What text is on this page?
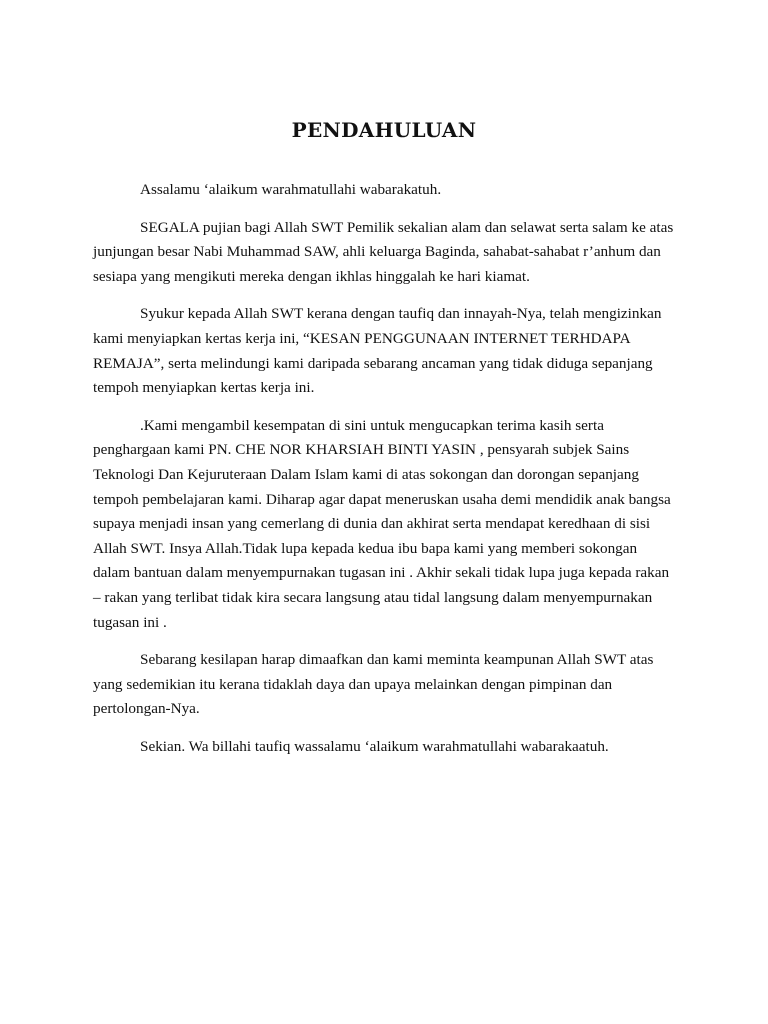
PENDAHULUAN

Assalamu ‘alaikum warahmatullahi wabarakatuh.

SEGALA pujian bagi Allah SWT Pemilik sekalian alam dan selawat serta salam ke atas junjungan besar Nabi Muhammad SAW, ahli keluarga Baginda, sahabat-sahabat r’anhum dan sesiapa yang mengikuti mereka dengan ikhlas hinggalah ke hari kiamat.

Syukur kepada Allah SWT kerana dengan taufiq dan innayah-Nya, telah mengizinkan kami menyiapkan kertas kerja ini, “KESAN PENGGUNAAN INTERNET TERHDAPA REMAJA”, serta melindungi kami daripada sebarang ancaman yang tidak diduga sepanjang tempoh menyiapkan kertas kerja ini.

.Kami mengambil kesempatan di sini untuk mengucapkan terima kasih serta penghargaan kami PN. CHE NOR KHARSIAH BINTI YASIN , pensyarah subjek Sains Teknologi Dan Kejuruteraan Dalam Islam kami di atas sokongan dan dorongan sepanjang tempoh pembelajaran kami. Diharap agar dapat meneruskan usaha demi mendidik anak bangsa supaya menjadi insan yang cemerlang di dunia dan akhirat serta mendapat keredhaan di sisi Allah SWT. Insya Allah.Tidak lupa kepada kedua ibu bapa kami yang memberi sokongan dalam bantuan dalam menyempurnakan tugasan ini . Akhir sekali tidak lupa juga kepada rakan – rakan yang terlibat tidak kira secara langsung atau tidal langsung dalam menyempurnakan tugasan ini .

Sebarang kesilapan harap dimaafkan dan kami meminta keampunan Allah SWT atas yang sedemikian itu kerana tidaklah daya dan upaya melainkan dengan pimpinan dan pertolongan-Nya.

Sekian. Wa billahi taufiq wassalamu ‘alaikum warahmatullahi wabarakaatuh.
